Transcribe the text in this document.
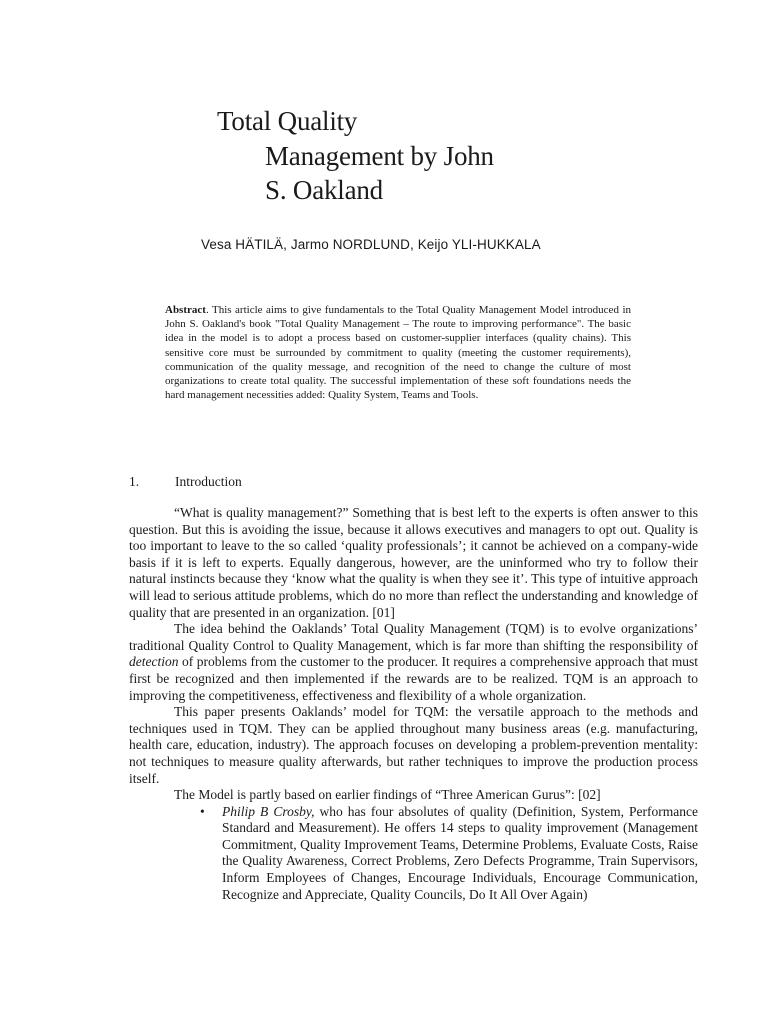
Total Quality
Management by John
S. Oakland
Vesa HÄTILÄ, Jarmo NORDLUND, Keijo YLI-HUKKALA
Abstract. This article aims to give fundamentals to the Total Quality Management Model introduced in John S. Oakland's book "Total Quality Management – The route to improving performance". The basic idea in the model is to adopt a process based on customer-supplier interfaces (quality chains). This sensitive core must be surrounded by commitment to quality (meeting the customer requirements), communication of the quality message, and recognition of the need to change the culture of most organizations to create total quality. The successful implementation of these soft foundations needs the hard management necessities added: Quality System, Teams and Tools.
1.	Introduction

“What is quality management?” Something that is best left to the experts is often answer to this question. But this is avoiding the issue, because it allows executives and managers to opt out. Quality is too important to leave to the so called ‘quality professionals’; it cannot be achieved on a company-wide basis if it is left to experts. Equally dangerous, however, are the uninformed who try to follow their natural instincts because they ‘know what the quality is when they see it’. This type of intuitive approach will lead to serious attitude problems, which do no more than reflect the understanding and knowledge of quality that are presented in an organization. [01]

The idea behind the Oaklands’ Total Quality Management (TQM) is to evolve organizations’ traditional Quality Control to Quality Management, which is far more than shifting the responsibility of detection of problems from the customer to the producer. It requires a comprehensive approach that must first be recognized and then implemented if the rewards are to be realized. TQM is an approach to improving the competitiveness, effectiveness and flexibility of a whole organization.

This paper presents Oaklands’ model for TQM: the versatile approach to the methods and techniques used in TQM. They can be applied throughout many business areas (e.g. manufacturing, health care, education, industry). The approach focuses on developing a problem-prevention mentality: not techniques to measure quality afterwards, but rather techniques to improve the production process itself.

The Model is partly based on earlier findings of “Three American Gurus”: [02]

• Philip B Crosby, who has four absolutes of quality (Definition, System, Performance Standard and Measurement). He offers 14 steps to quality improvement (Management Commitment, Quality Improvement Teams, Determine Problems, Evaluate Costs, Raise the Quality Awareness, Correct Problems, Zero Defects Programme, Train Supervisors, Inform Employees of Changes, Encourage Individuals, Encourage Communication, Recognize and Appreciate, Quality Councils, Do It All Over Again)
